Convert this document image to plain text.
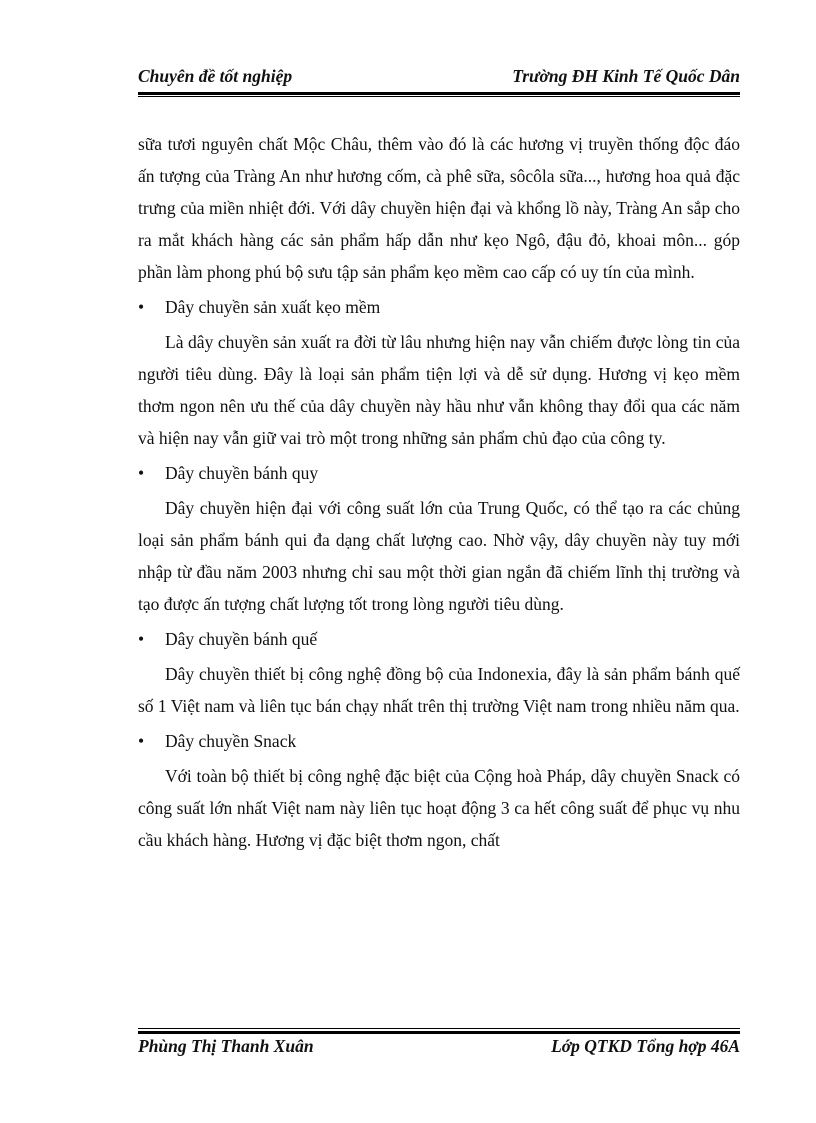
Chuyên đề tốt nghiệp	Trường ĐH Kinh Tế Quốc Dân

sữa tươi nguyên chất Mộc Châu, thêm vào đó là các hương vị truyền thống độc đáo ấn tượng của Tràng An như hương cốm, cà phê sữa, sôcôla sữa..., hương hoa quả đặc trưng của miền nhiệt đới. Với dây chuyền hiện đại và khổng lồ này, Tràng An sắp cho ra mắt khách hàng các sản phẩm hấp dẫn như kẹo Ngô, đậu đỏ, khoai môn... góp phần làm phong phú bộ sưu tập sản phẩm kẹo mềm cao cấp có uy tín của mình.

•	Dây chuyền sản xuất kẹo mềm

Là dây chuyền sản xuất ra đời từ lâu nhưng hiện nay vẫn chiếm được lòng tin của người tiêu dùng. Đây là loại sản phẩm tiện lợi và dễ sử dụng. Hương vị kẹo mềm thơm ngon nên ưu thế của dây chuyền này hầu như vẫn không thay đổi qua các năm và hiện nay vẫn giữ vai trò một trong những sản phẩm chủ đạo của công ty.

•	Dây chuyền bánh quy

Dây chuyền hiện đại với công suất lớn của Trung Quốc, có thể tạo ra các chủng loại sản phẩm bánh qui đa dạng chất lượng cao. Nhờ vậy, dây chuyền này tuy mới nhập từ đầu năm 2003 nhưng chỉ sau một thời gian ngắn đã chiếm lĩnh thị trường và tạo được ấn tượng chất lượng tốt trong lòng người tiêu dùng.

•	Dây chuyền bánh quế

Dây chuyền thiết bị công nghệ đồng bộ của Indonexia, đây là sản phẩm bánh quế số 1 Việt nam và liên tục bán chạy nhất trên thị trường Việt nam trong nhiều năm qua.

•	Dây chuyền Snack

Với toàn bộ thiết bị công nghệ đặc biệt của Cộng hoà Pháp, dây chuyền Snack có công suất lớn nhất Việt nam này liên tục hoạt động 3 ca hết công suất để phục vụ nhu cầu khách hàng. Hương vị đặc biệt thơm ngon, chất

Phùng Thị Thanh Xuân	Lớp QTKD Tổng hợp 46A
